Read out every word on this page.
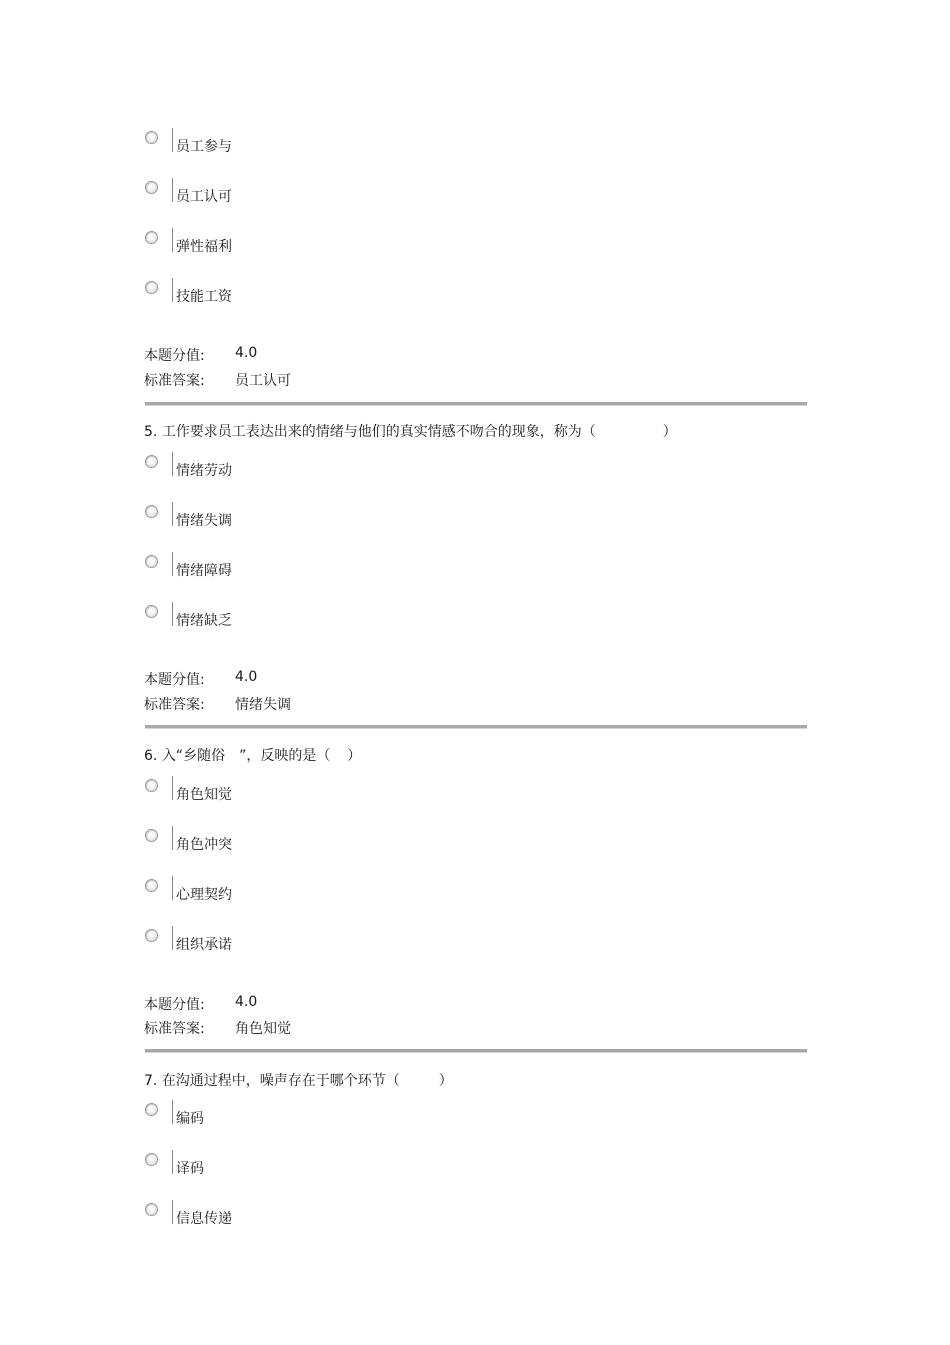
员工参与
员工认可
弹性福利
技能工资
本题分值: 4.0
标准答案: 员工认可
5. 工作要求员工表达出来的情绪与他们的真实情感不吻合的现象，称为（	）
情绪劳动
情绪失调
情绪障碍
情绪缺乏
本题分值: 4.0
标准答案: 情绪失调
6. 入“乡随俗　”，反映的是（ ）
角色知觉
角色冲突
心理契约
组织承诺
本题分值: 4.0
标准答案: 角色知觉
7. 在沟通过程中，噪声存在于哪个环节（	）
编码
译码
信息传递
